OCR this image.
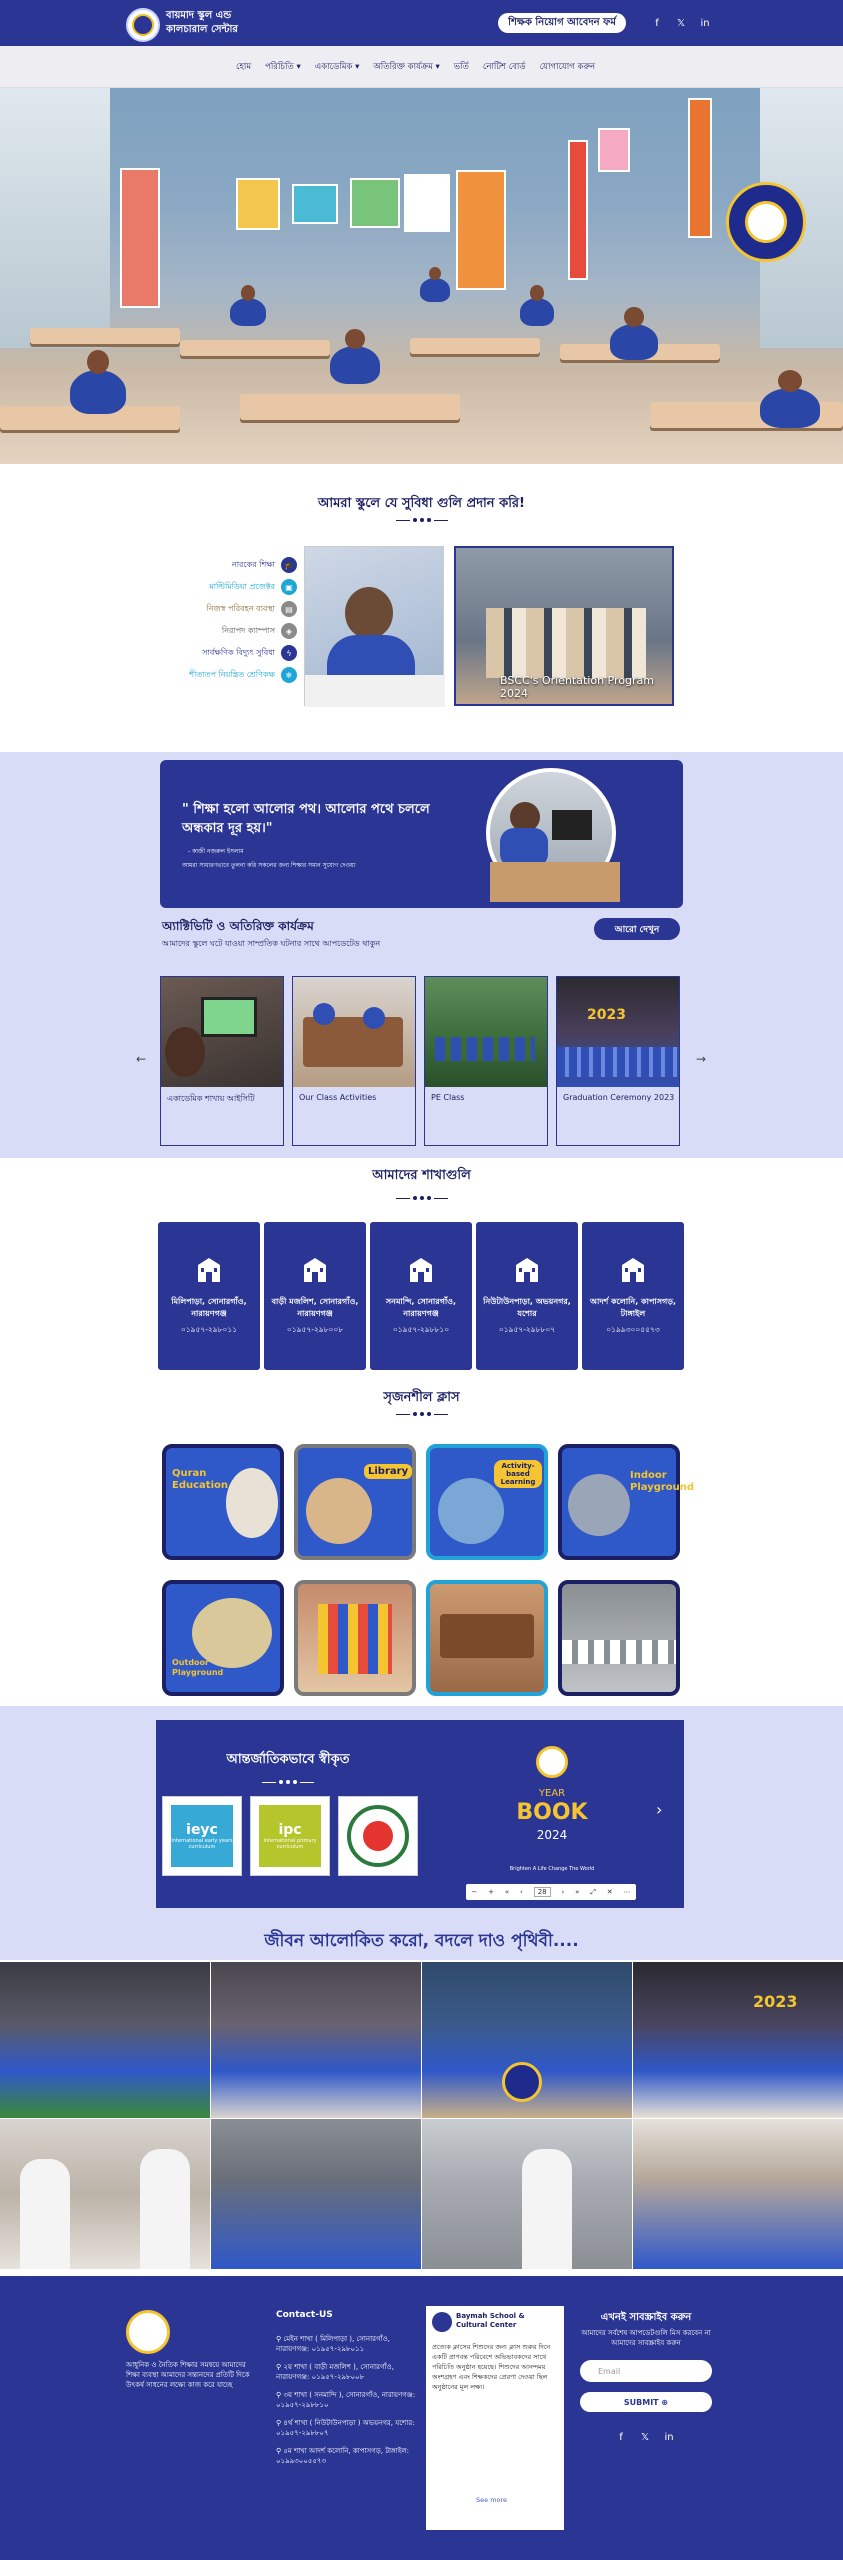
বায়মাদ স্কুল এন্ড
কালচারাল সেন্টার
শিক্ষক নিয়োগ আবেদন ফর্ম	f	𝕏	in
হোম পরিচিতি ▾ একাডেমিক ▾ অতিরিক্ত কার্যক্রম ▾ ভর্তি নোটিশ বোর্ড যোগাযোগ করুন
আমরা স্কুলে যে সুবিধা গুলি প্রদান করি!
নারকের শিক্ষা	🎓
মাল্টিমিডিয়া প্রজেক্টর	▣
নিজস্ব পরিবহন ব্যবস্থা	▤
নিরাপদ ক্যাম্পাস	◈
সার্বক্ষণিক বিদ্যুৎ সুবিধা	ϟ
শীতাতপ নিয়ন্ত্রিত শ্রেণিকক্ষ	❄	BSCC's Orientation Program 2024
" শিক্ষা হলো আলোর পথ। আলোর পথে চললে অন্ধকার দূর হয়।"
- কাজী নজরুল ইসলাম
আমরা সাধারণভাবে তুলনা করি সকলের জন্য শিক্ষার সমান সুযোগ দেওয়া
অ্যাক্টিভিটি ও অতিরিক্ত কার্যক্রম
আমাদের স্কুলে ঘটে যাওয়া সাম্প্রতিক ঘটনার সাথে আপডেটেড থাকুন
আরো দেখুন
←	→
একাডেমিক শাখায় আইসিটি	Our Class Activities	PE Class
2023
Graduation Ceremony 2023
আমাদের শাখাগুলি
মিলিপাড়া, সোনারগাঁও, নারায়ণগঞ্জ
০১৯৫৭-২৯৮০১১
বাড়ী মজলিশ, সোনারগাঁও, নারায়ণগঞ্জ
০১৯৫৭-২৯৮০০৮
সনমান্দি, সোনারগাঁও, নারায়ণগঞ্জ
০১৯৫৭-২৯৮৮১০
নিউটাউনপাড়া, অভয়নগর, যশোর
০১৯৫৭-২৯৮৮০৭
আদর্শ কলোনি, কাপাসগড়, টাঙ্গাইল
০১৯৯৩০০৫৫৭৩
সৃজনশীল ক্লাস
Quran Education
Library	Activity-based Learning
Indoor Playground
Outdoor Playground
আন্তর্জাতিকভাবে স্বীকৃত
ieyc
international early years curriculum
ipc
international primary curriculum
YEAR
BOOK
2024
Brighten A Life Change The World
›
− + « ‹	28	› » ⤢ ✕ ⋯
জীবন আলোকিত করো, বদলে দাও পৃথিবী....
2023
আধুনিক ও নৈতিক শিক্ষার সমন্বয়ে আমাদের শিক্ষা ব্যবস্থা আমাদের সন্তানদের প্রতিটি দিকে উৎকর্ষ সাধনের লক্ষ্যে কাজ করে যাচ্ছে
Contact-US
⚲ মেইন শাখা ( মিলিপাড়া ), সোনারগাঁও, নারায়ণগঞ্জ: ০১৯৫৭-২৯৮০১১
⚲ ২য় শাখা ( বাড়ী মজলিশ ), সোনারগাঁও, নারায়ণগঞ্জ: ০১৯৫৭-২৯৮০০৮
⚲ ৩য় শাখা ( সনমান্দি ), সোনারগাঁও, নারায়ণগঞ্জ: ০১৯৫৭-২৯৮৮১০
⚲ ৪র্থ শাখা ( নিউটাউনপাড়া ) অভয়নগর, যশোর: ০১৯৫৭-২৯৮৮০৭
⚲ ৫ম শাখা আদর্শ কলোনি, কাপাসগড়, টাঙ্গাইল: ০১৯৯৩০০৫৫৭৩
Baymah School & Cultural Center
প্রত্যেক ক্লাসের শিশুদের জন্য ক্লাস শুরুর দিনে একটি প্রাণবন্ত পরিবেশে অভিভাবকদের সাথে পরিচিতি অনুষ্ঠান হয়েছে। শিশুদের আনন্দময় অংশগ্রহণ এবং শিক্ষকদের প্রেরণা দেওয়া ছিল অনুষ্ঠানের মূল লক্ষ্য।
See more
এখনই সাবস্ক্রাইব করুন
আমাদের সর্বশেষ আপডেটগুলি মিস করবেন না আমাদের সাবস্ক্রাইব করুন
Email
SUBMIT ⊕
f	𝕏	in
